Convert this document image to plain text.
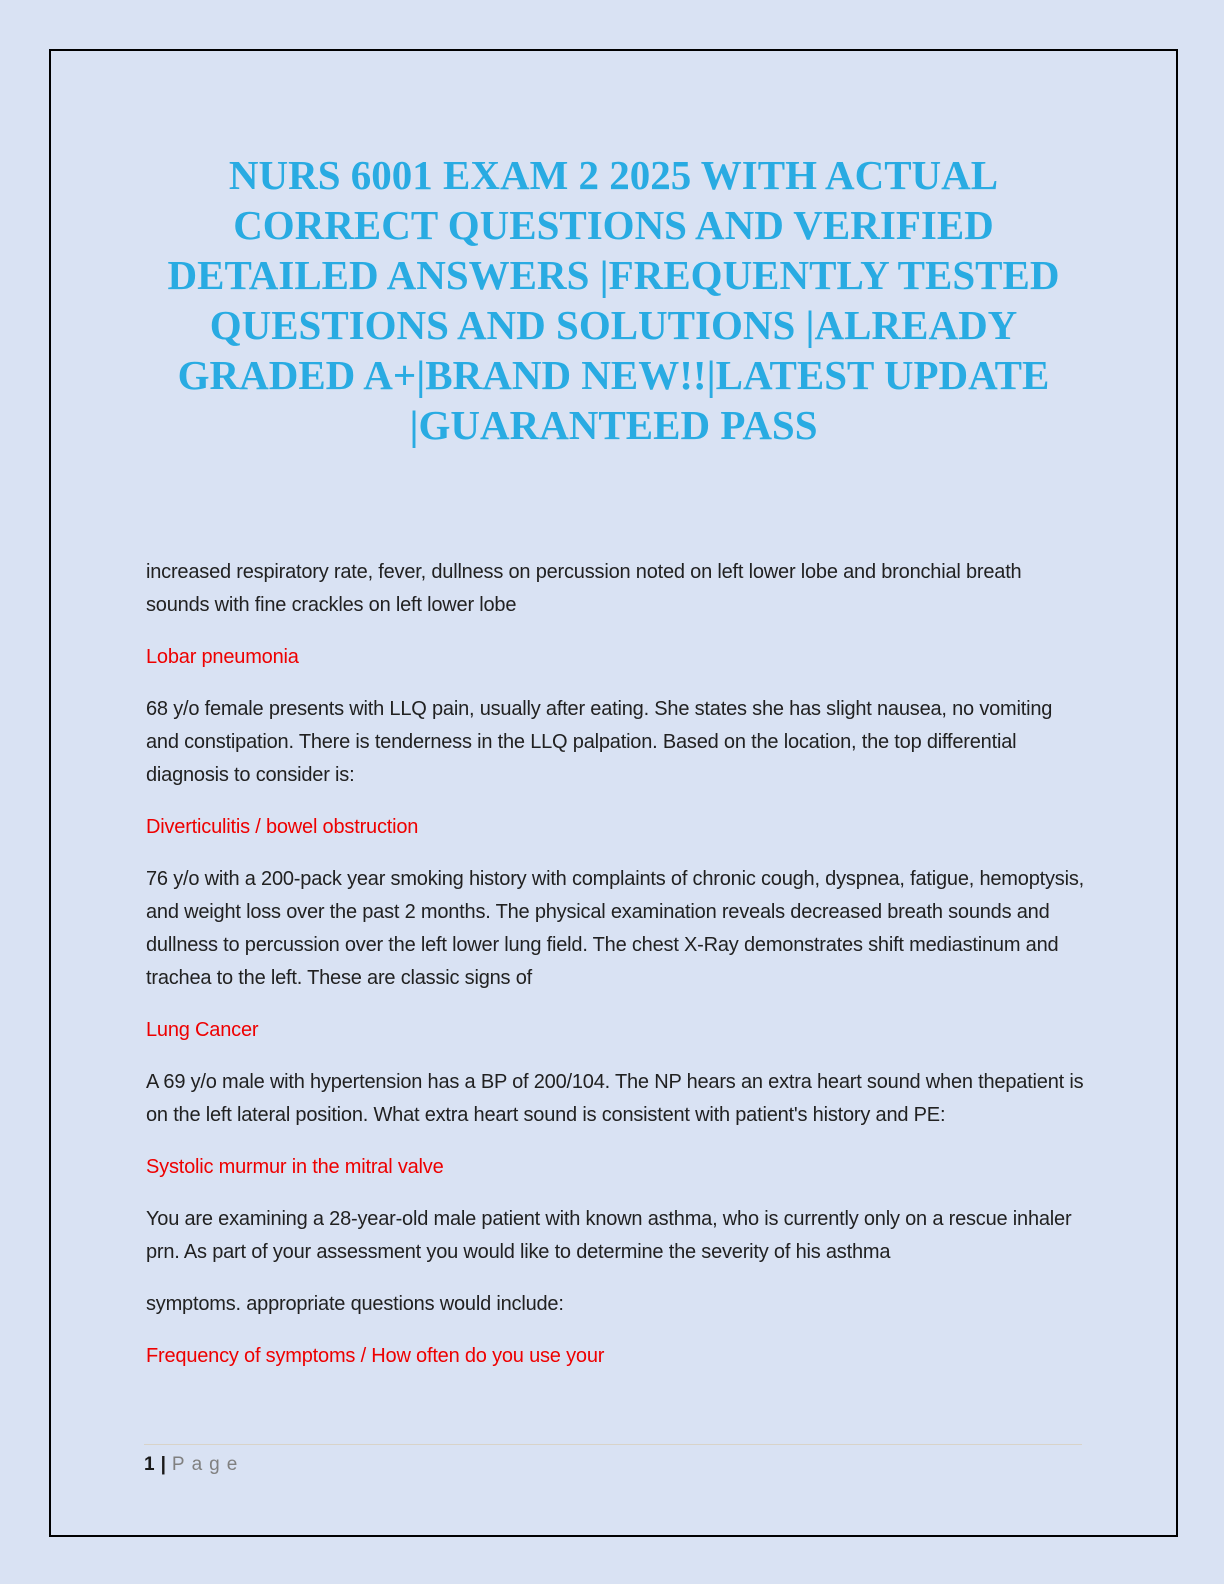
NURS 6001 EXAM 2 2025 WITH ACTUAL
CORRECT QUESTIONS AND VERIFIED
DETAILED ANSWERS |FREQUENTLY TESTED
QUESTIONS AND SOLUTIONS |ALREADY
GRADED A+|BRAND NEW!!|LATEST UPDATE
|GUARANTEED PASS

increased respiratory rate, fever, dullness on percussion noted on left lower lobe and bronchial breath sounds with fine crackles on left lower lobe

Lobar pneumonia

68 y/o female presents with LLQ pain, usually after eating. She states she has slight nausea, no vomiting and constipation. There is tenderness in the LLQ palpation. Based on the location, the top differential diagnosis to consider is:

Diverticulitis / bowel obstruction

76 y/o with a 200-pack year smoking history with complaints of chronic cough, dyspnea, fatigue, hemoptysis, and weight loss over the past 2 months. The physical examination reveals decreased breath sounds and dullness to percussion over the left lower lung field. The chest X-Ray demonstrates shift mediastinum and trachea to the left. These are classic signs of

Lung Cancer

A 69 y/o male with hypertension has a BP of 200/104. The NP hears an extra heart sound when thepatient is on the left lateral position. What extra heart sound is consistent with patient's history and PE:

Systolic murmur in the mitral valve

You are examining a 28-year-old male patient with known asthma, who is currently only on a rescue inhaler prn. As part of your assessment you would like to determine the severity of his asthma

symptoms. appropriate questions would include:

Frequency of symptoms / How often do you use your

1 | Page
